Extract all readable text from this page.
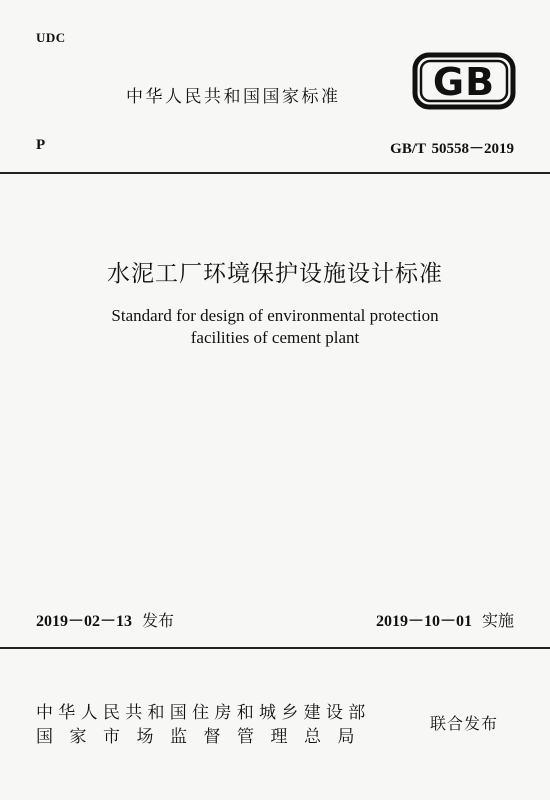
UDC
中华人民共和国国家标准 GB
P	GB/T 50558－2019
水泥工厂环境保护设施设计标准
Standard for design of environmental protection
facilities of cement plant
2019－02－13 发布	2019－10－01 实施
中华人民共和国住房和城乡建设部
国家市场监督管理总局
联合发布
